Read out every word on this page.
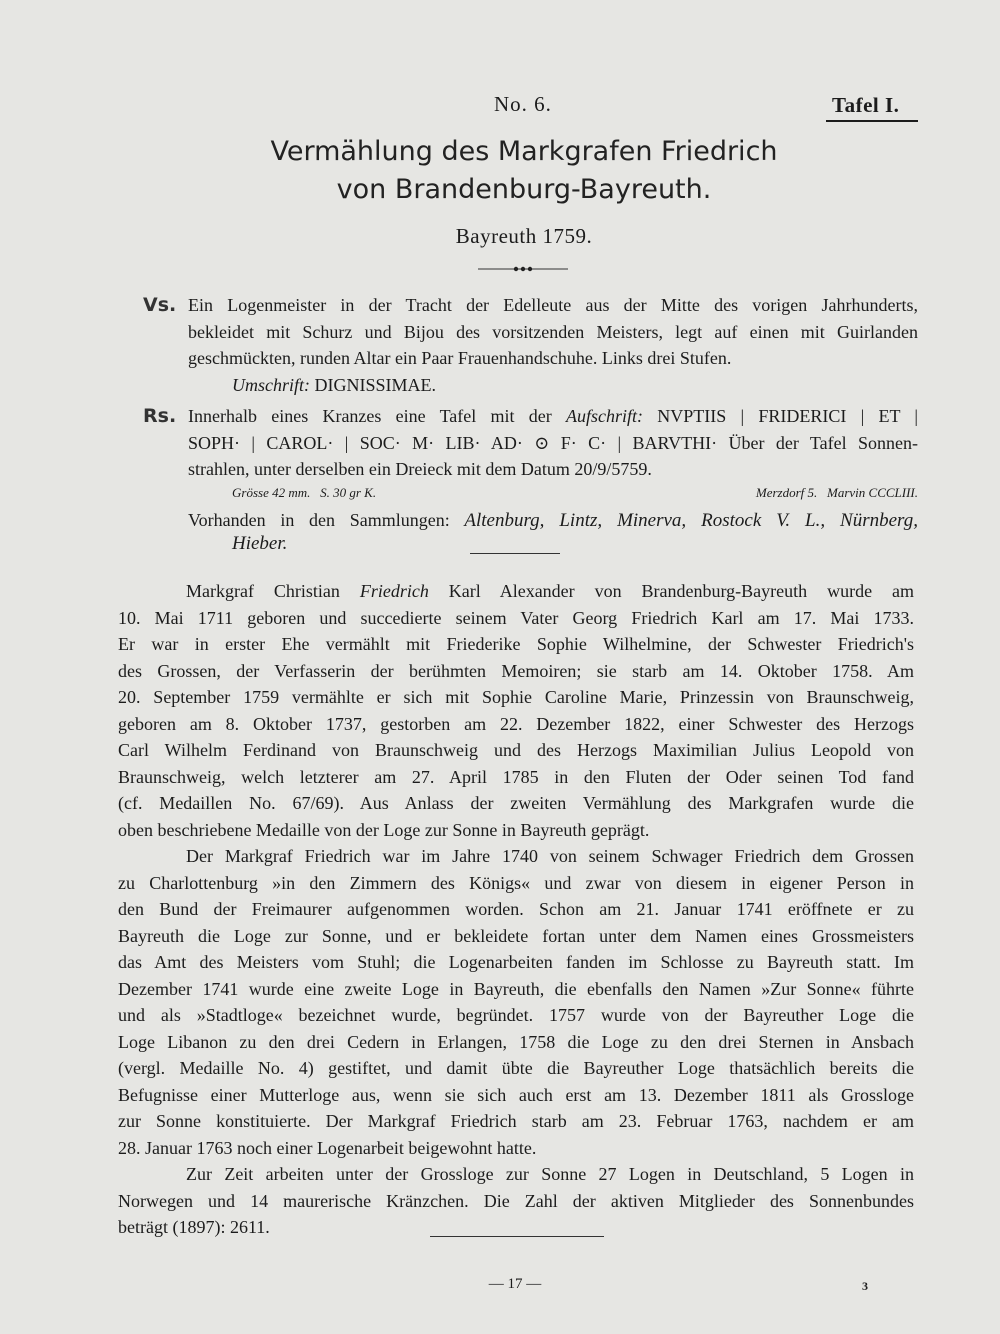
No. 6.	Tafel I.
Vermählung des Markgrafen Friedrich
von Brandenburg-Bayreuth.
Bayreuth 1759.
Vs. Ein Logenmeister in der Tracht der Edelleute aus der Mitte des vorigen Jahrhunderts,
bekleidet mit Schurz und Bijou des vorsitzenden Meisters, legt auf einen mit Guirlanden
geschmückten, runden Altar ein Paar Frauenhandschuhe. Links drei Stufen.
Umschrift: DIGNISSIMAE.
Rs. Innerhalb eines Kranzes eine Tafel mit der Aufschrift: NVPTIIS | FRIDERICI | ET |
SOPH· | CAROL· | SOC· M· LIB· AD· ⊙ F· C· | BARVTHI· Über der Tafel Sonnen-
strahlen, unter derselben ein Dreieck mit dem Datum 20/9/5759.
Grösse 42 mm.   S. 30 gr K.	Merzdorf 5.   Marvin CCCLIII.
Vorhanden in den Sammlungen: Altenburg, Lintz, Minerva, Rostock V. L., Nürnberg,
Hieber.
Markgraf Christian Friedrich Karl Alexander von Brandenburg-Bayreuth wurde am
10. Mai 1711 geboren und succedierte seinem Vater Georg Friedrich Karl am 17. Mai 1733.
Er war in erster Ehe vermählt mit Friederike Sophie Wilhelmine, der Schwester Friedrich's
des Grossen, der Verfasserin der berühmten Memoiren; sie starb am 14. Oktober 1758. Am
20. September 1759 vermählte er sich mit Sophie Caroline Marie, Prinzessin von Braunschweig,
geboren am 8. Oktober 1737, gestorben am 22. Dezember 1822, einer Schwester des Herzogs
Carl Wilhelm Ferdinand von Braunschweig und des Herzogs Maximilian Julius Leopold von
Braunschweig, welch letzterer am 27. April 1785 in den Fluten der Oder seinen Tod fand
(cf. Medaillen No. 67/69). Aus Anlass der zweiten Vermählung des Markgrafen wurde die
oben beschriebene Medaille von der Loge zur Sonne in Bayreuth geprägt.
Der Markgraf Friedrich war im Jahre 1740 von seinem Schwager Friedrich dem Grossen
zu Charlottenburg »in den Zimmern des Königs« und zwar von diesem in eigener Person in
den Bund der Freimaurer aufgenommen worden. Schon am 21. Januar 1741 eröffnete er zu
Bayreuth die Loge zur Sonne, und er bekleidete fortan unter dem Namen eines Grossmeisters
das Amt des Meisters vom Stuhl; die Logenarbeiten fanden im Schlosse zu Bayreuth statt. Im
Dezember 1741 wurde eine zweite Loge in Bayreuth, die ebenfalls den Namen »Zur Sonne« führte
und als »Stadtloge« bezeichnet wurde, begründet. 1757 wurde von der Bayreuther Loge die
Loge Libanon zu den drei Cedern in Erlangen, 1758 die Loge zu den drei Sternen in Ansbach
(vergl. Medaille No. 4) gestiftet, und damit übte die Bayreuther Loge thatsächlich bereits die
Befugnisse einer Mutterloge aus, wenn sie sich auch erst am 13. Dezember 1811 als Grossloge
zur Sonne konstituierte. Der Markgraf Friedrich starb am 23. Februar 1763, nachdem er am
28. Januar 1763 noch einer Logenarbeit beigewohnt hatte.
Zur Zeit arbeiten unter der Grossloge zur Sonne 27 Logen in Deutschland, 5 Logen in
Norwegen und 14 maurerische Kränzchen. Die Zahl der aktiven Mitglieder des Sonnenbundes
beträgt (1897): 2611.
— 17 —	3
